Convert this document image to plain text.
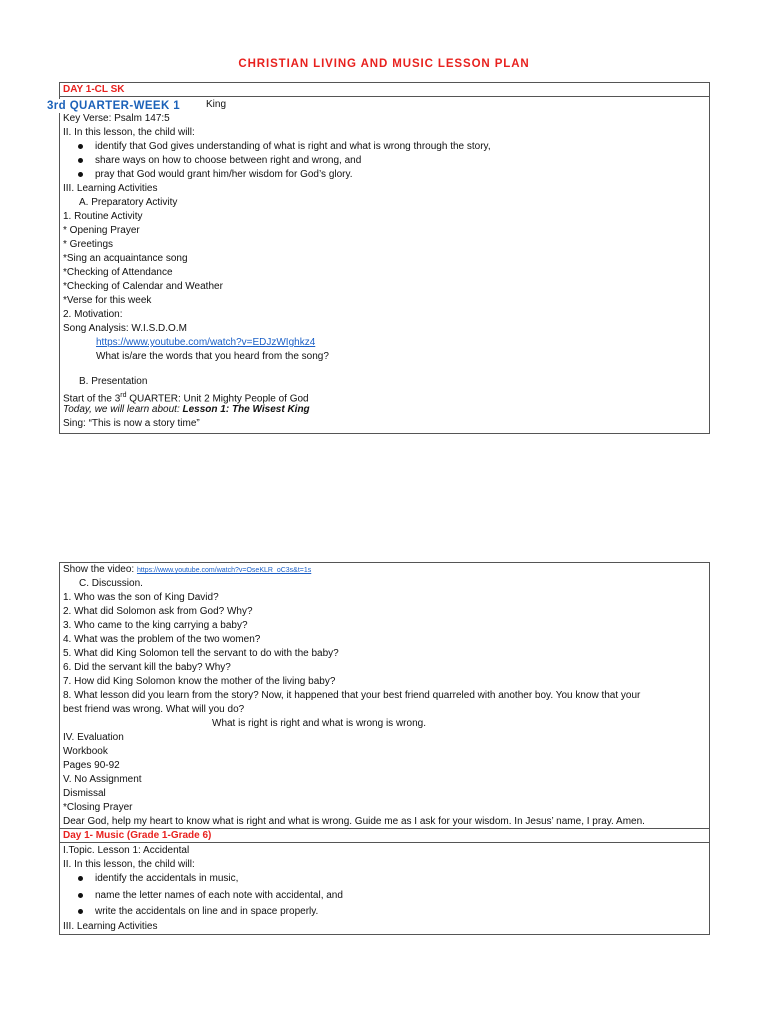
CHRISTIAN LIVING AND MUSIC LESSON PLAN
DAY 1-CL SK
King
Key Verse: Psalm 147:5
II. In this lesson, the child will:
identify that God gives understanding of what is right and what is wrong through the story,
share ways on how to choose between right and wrong, and
pray that God would grant him/her wisdom for God’s glory.
III. Learning Activities
A. Preparatory Activity
1. Routine Activity
* Opening Prayer
* Greetings
*Sing an acquaintance song
*Checking of Attendance
*Checking of Calendar and Weather
*Verse for this week
2. Motivation:
Song Analysis: W.I.S.D.O.M
https://www.youtube.com/watch?v=EDJzWIghkz4
What is/are the words that you heard from the song?
B. Presentation
Start of the 3rd QUARTER: Unit 2 Mighty People of God
Today, we will learn about: Lesson 1: The Wisest King
Sing: “This is now a story time”
3rd QUARTER-WEEK 1
Show the video: https://www.youtube.com/watch?v=OseKLR_oC3s&t=1s
C. Discussion.
1. Who was the son of King David?
2. What did Solomon ask from God? Why?
3. Who came to the king carrying a baby?
4. What was the problem of the two women?
5. What did King Solomon tell the servant to do with the baby?
6. Did the servant kill the baby? Why?
7. How did King Solomon know the mother of the living baby?
8. What lesson did you learn from the story? Now, it happened that your best friend quarreled with another boy. You know that your
best friend was wrong. What will you do?
What is right is right and what is wrong is wrong.
IV. Evaluation
Workbook
Pages 90-92
V. No Assignment
Dismissal
*Closing Prayer
Dear God, help my heart to know what is right and what is wrong. Guide me as I ask for your wisdom. In Jesus’ name, I pray. Amen.
Day 1- Music (Grade 1-Grade 6)
I.Topic. Lesson 1: Accidental
II. In this lesson, the child will:
identify the accidentals in music,
name the letter names of each note with accidental, and
write the accidentals on line and in space properly.
III. Learning Activities
